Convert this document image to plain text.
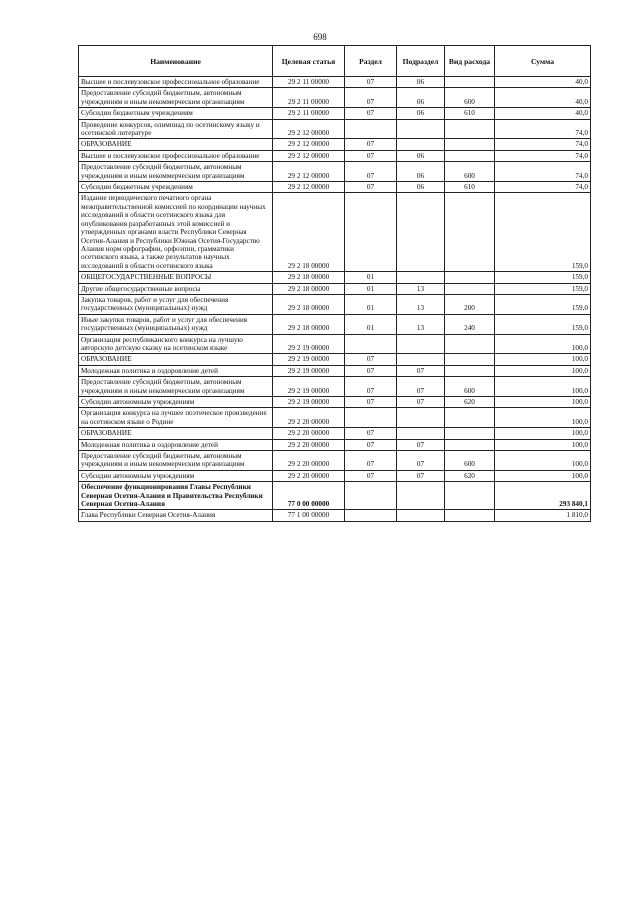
698
Наименование	Целевая статья	Раздел	Подраздел	Вид расхода	Сумма
Высшее и послевузовское профессиональное образование	29 2 11 00000	07	06		40,0
Предоставление субсидий бюджетным, автономным учреждениям и иным некоммерческим организациям	29 2 11 00000	07	06	600	40,0
Субсидии бюджетным учреждениям	29 2 11 00000	07	06	610	40,0
Проведение конкурсов, олимпиад по осетинскому языку и осетинской литературе	29 2 12 00000				74,0
ОБРАЗОВАНИЕ	29 2 12 00000	07			74,0
Высшее и послевузовское профессиональное образование	29 2 12 00000	07	06		74,0
Предоставление субсидий бюджетным, автономным учреждениям и иным некоммерческим организациям	29 2 12 00000	07	06	600	74,0
Субсидии бюджетным учреждениям	29 2 12 00000	07	06	610	74,0
Издание периодического печатного органа межправительственной комиссией по координации научных исследований в области осетинского языка для опубликования разработанных этой комиссией и утвержденных органами власти Республики Северная Осетия-Алания и Республики Южная Осетия-Государство Алания норм орфографии, орфоэпии, грамматики осетинского языка, а также результатов научных исследований в области осетинского языка	29 2 18 00000				159,0
ОБЩЕГОСУДАРСТВЕННЫЕ ВОПРОСЫ	29 2 18 00000	01			159,0
Другие общегосударственные вопросы	29 2 18 00000	01	13		159,0
Закупка товаров, работ и услуг для обеспечения государственных (муниципальных) нужд	29 2 18 00000	01	13	200	159,0
Иные закупки товаров, работ и услуг для обеспечения государственных (муниципальных) нужд	29 2 18 00000	01	13	240	159,0
Организация республиканского конкурса на лучшую авторскую детскую сказку на осетинском языке	29 2 19 00000				100,0
ОБРАЗОВАНИЕ	29 2 19 00000	07			100,0
Молодежная политика и оздоровление детей	29 2 19 00000	07	07		100,0
Предоставление субсидий бюджетным, автономным учреждениям и иным некоммерческим организациям	29 2 19 00000	07	07	600	100,0
Субсидии автономным учреждениям	29 2 19 00000	07	07	620	100,0
Организация конкурса на лучшее поэтическое произведение на осетинском языке о Родине	29 2 20 00000				100,0
ОБРАЗОВАНИЕ	29 2 20 00000	07			100,0
Молодежная политика и оздоровление детей	29 2 20 00000	07	07		100,0
Предоставление субсидий бюджетным, автономным учреждениям и иным некоммерческим организациям	29 2 20 00000	07	07	600	100,0
Субсидии автономным учреждениям	29 2 20 00000	07	07	620	100,0
Обеспечение функционирования Главы Республики Северная Осетия-Алания и Правительства Республики Северная Осетия-Алания	77 0 00 00000				293 840,1
Глава Республики Северная Осетия-Алания	77 1 00 00000				1 810,0
